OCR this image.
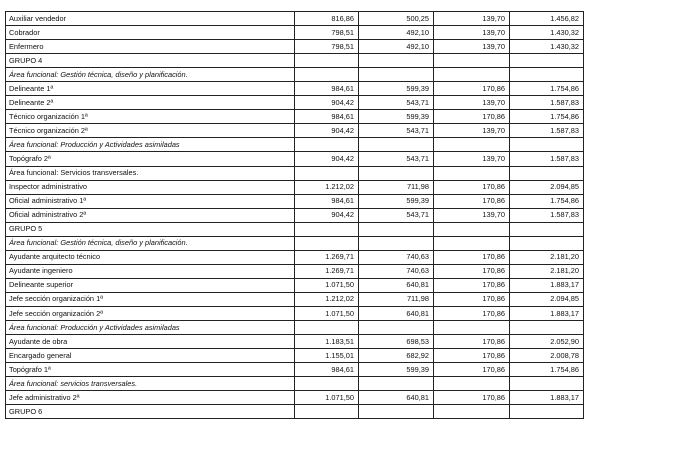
Auxiliar vendedor	816,86	500,25	139,70	1.456,82
Cobrador	798,51	492,10	139,70	1.430,32
Enfermero	798,51	492,10	139,70	1.430,32
GRUPO 4				
Área funcional: Gestión técnica, diseño y planificación.				
Delineante 1ª	984,61	599,39	170,86	1.754,86
Delineante 2ª	904,42	543,71	139,70	1.587,83
Técnico organización 1ª	984,61	599,39	170,86	1.754,86
Técnico organización 2ª	904,42	543,71	139,70	1.587,83
Área funcional: Producción y Actividades asimiladas				
Topógrafo 2ª	904,42	543,71	139,70	1.587,83
Área funcional: Servicios transversales.				
Inspector administrativo	1.212,02	711,98	170,86	2.094,85
Oficial administrativo 1ª	984,61	599,39	170,86	1.754,86
Oficial administrativo 2ª	904,42	543,71	139,70	1.587,83
GRUPO 5				
Área funcional: Gestión técnica, diseño y planificación.				
Ayudante arquitecto técnico	1.269,71	740,63	170,86	2.181,20
Ayudante ingeniero	1.269,71	740,63	170,86	2.181,20
Delineante superior	1.071,50	640,81	170,86	1.883,17
Jefe sección organización 1ª	1.212,02	711,98	170,86	2.094,85
Jefe sección organización 2ª	1.071,50	640,81	170,86	1.883,17
Área funcional: Producción y Actividades asimiladas				
Ayudante de obra	1.183,51	698,53	170,86	2.052,90
Encargado general	1.155,01	682,92	170,86	2.008,78
Topógrafo 1ª	984,61	599,39	170,86	1.754,86
Área funcional: servicios transversales.				
Jefe administrativo 2ª	1.071,50	640,81	170,86	1.883,17
GRUPO 6				
